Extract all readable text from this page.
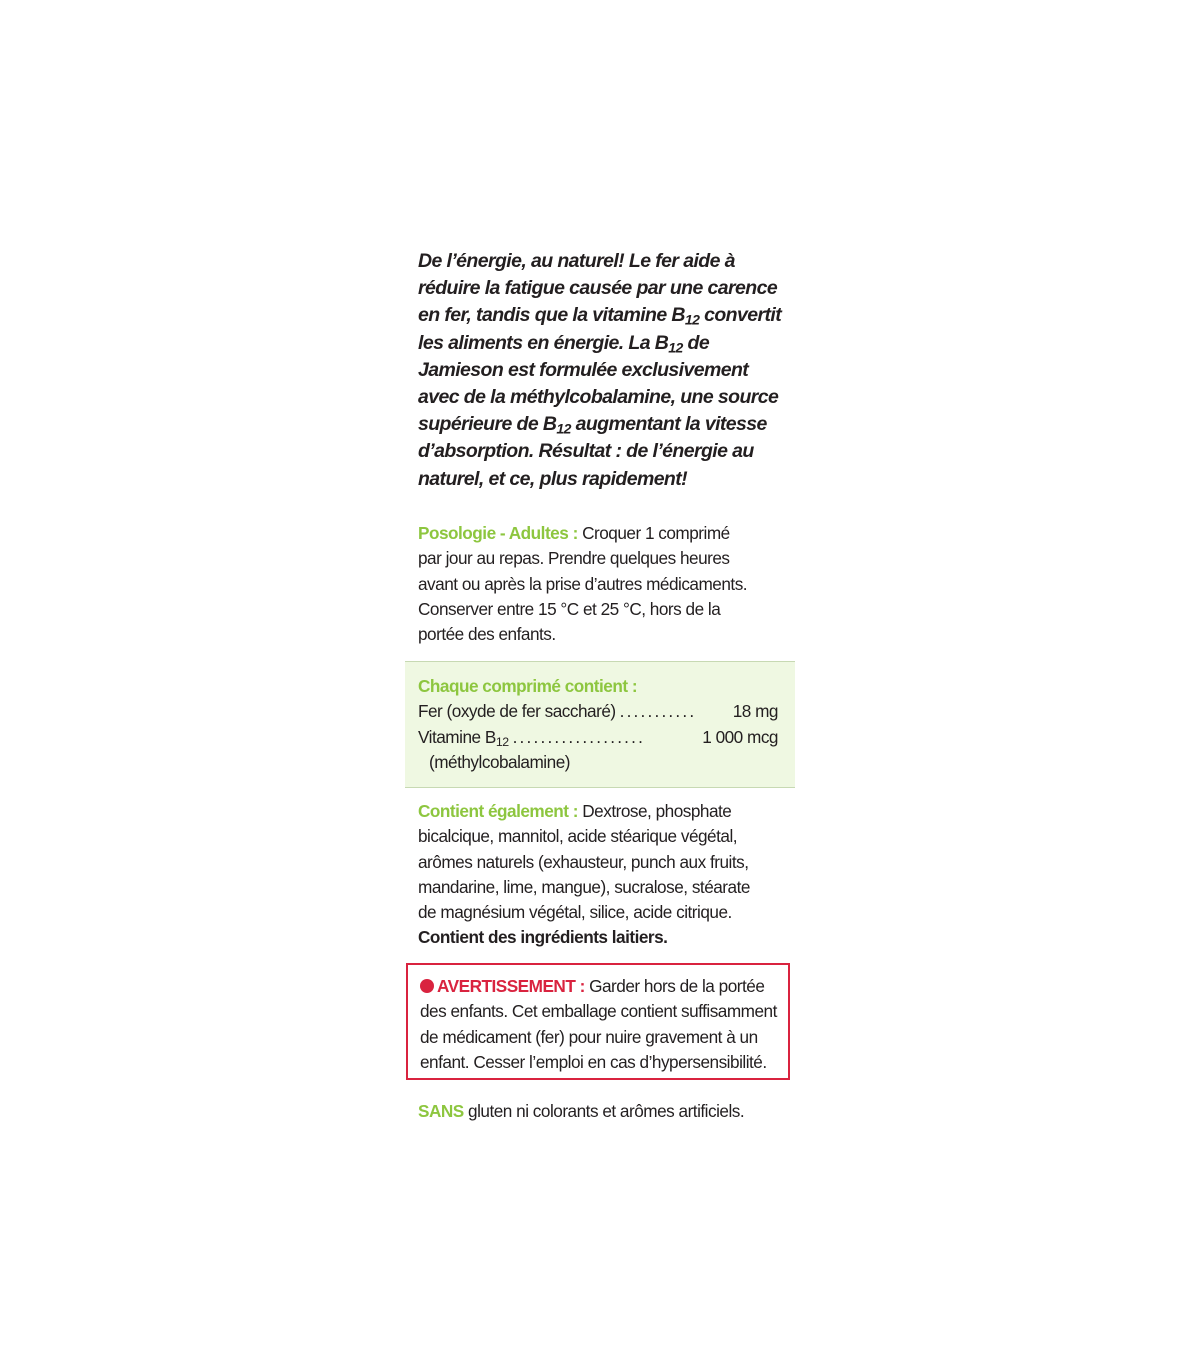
De l’énergie, au naturel! Le fer aide à
réduire la fatigue causée par une carence
en fer, tandis que la vitamine $B_{12}$ convertit
les aliments en énergie. La $B_{12}$ de
Jamieson est formulée exclusivement
avec de la méthylcobalamine, une source
supérieure de $B_{12}$ augmentant la vitesse
d’absorption. Résultat : de l’énergie au
naturel, et ce, plus rapidement!
Posologie - Adultes : Croquer 1 comprimé
par jour au repas. Prendre quelques heures
avant ou après la prise d’autres médicaments.
Conserver entre 15 °C et 25 °C, hors de la
portée des enfants.
Chaque comprimé contient :
Fer (oxyde de fer saccharé) ...........	18 mg
Vitamine $B_{12}$ ...................	1 000 mcg
(méthylcobalamine)
Contient également : Dextrose, phosphate
bicalcique, mannitol, acide stéarique végétal,
arômes naturels (exhausteur, punch aux fruits,
mandarine, lime, mangue), sucralose, stéarate
de magnésium végétal, silice, acide citrique.
Contient des ingrédients laitiers.
AVERTISSEMENT : Garder hors de la portée
des enfants. Cet emballage contient suffisamment
de médicament (fer) pour nuire gravement à un
enfant. Cesser l’emploi en cas d’hypersensibilité.
SANS gluten ni colorants et arômes artificiels.
